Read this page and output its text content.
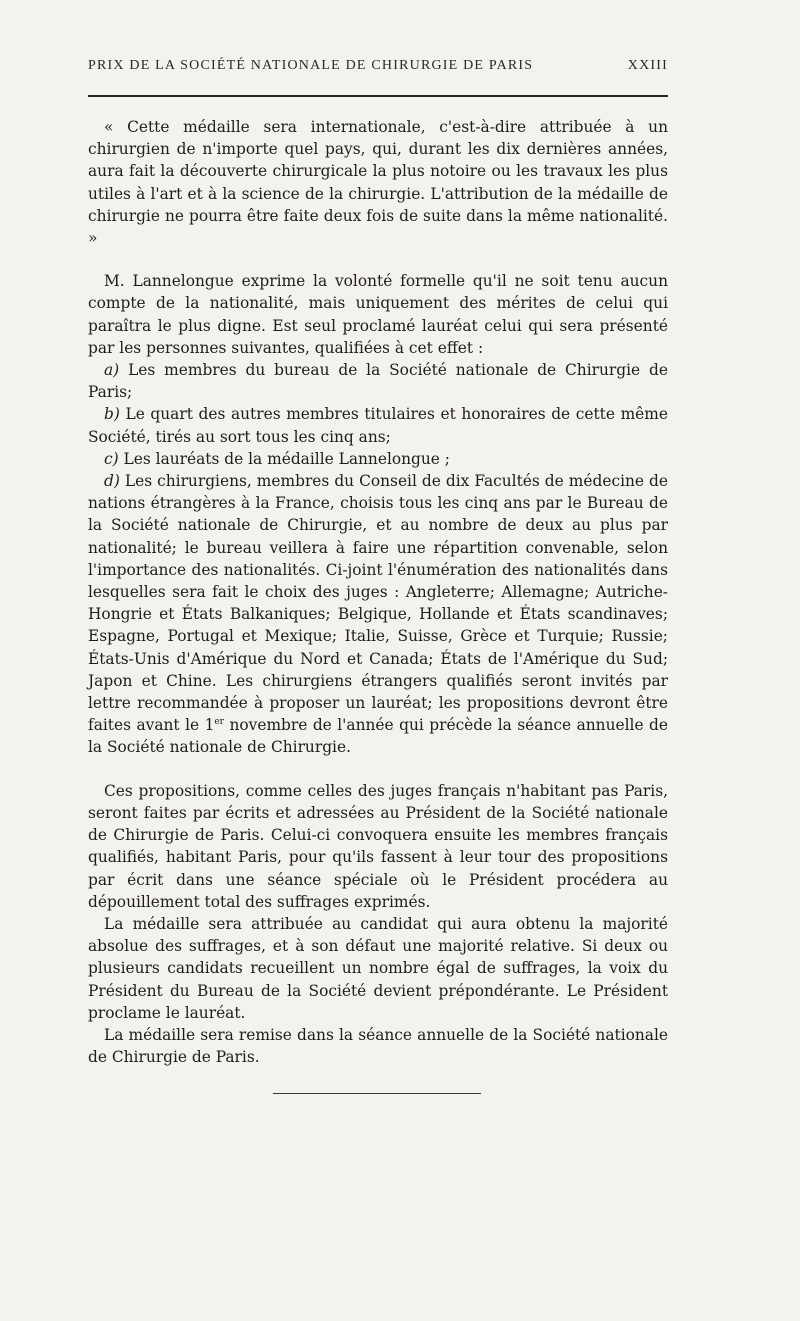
PRIX DE LA SOCIÉTÉ NATIONALE DE CHIRURGIE DE PARIS	XXIII

« Cette médaille sera internationale, c'est-à-dire attribuée à un chirurgien de n'importe quel pays, qui, durant les dix dernières années, aura fait la découverte chirurgicale la plus notoire ou les travaux les plus utiles à l'art et à la science de la chirurgie. L'attribution de la médaille de chirurgie ne pourra être faite deux fois de suite dans la même nationalité. »

M. Lannelongue exprime la volonté formelle qu'il ne soit tenu aucun compte de la nationalité, mais uniquement des mérites de celui qui paraîtra le plus digne. Est seul proclamé lauréat celui qui sera présenté par les personnes suivantes, qualifiées à cet effet :

a) Les membres du bureau de la Société nationale de Chirurgie de Paris;

b) Le quart des autres membres titulaires et honoraires de cette même Société, tirés au sort tous les cinq ans;

c) Les lauréats de la médaille Lannelongue ;

d) Les chirurgiens, membres du Conseil de dix Facultés de médecine de nations étrangères à la France, choisis tous les cinq ans par le Bureau de la Société nationale de Chirurgie, et au nombre de deux au plus par nationalité; le bureau veillera à faire une répartition convenable, selon l'importance des nationalités. Ci-joint l'énumération des nationalités dans lesquelles sera fait le choix des juges : Angleterre; Allemagne; Autriche-Hongrie et États Balkaniques; Belgique, Hollande et États scandinaves; Espagne, Portugal et Mexique; Italie, Suisse, Grèce et Turquie; Russie; États-Unis d'Amérique du Nord et Canada; États de l'Amérique du Sud; Japon et Chine. Les chirurgiens étrangers qualifiés seront invités par lettre recommandée à proposer un lauréat; les propositions devront être faites avant le 1er novembre de l'année qui précède la séance annuelle de la Société nationale de Chirurgie.

Ces propositions, comme celles des juges français n'habitant pas Paris, seront faites par écrits et adressées au Président de la Société nationale de Chirurgie de Paris. Celui-ci convoquera ensuite les membres français qualifiés, habitant Paris, pour qu'ils fassent à leur tour des propositions par écrit dans une séance spéciale où le Président procédera au dépouillement total des suffrages exprimés.

La médaille sera attribuée au candidat qui aura obtenu la majorité absolue des suffrages, et à son défaut une majorité relative. Si deux ou plusieurs candidats recueillent un nombre égal de suffrages, la voix du Président du Bureau de la Société devient prépondérante. Le Président proclame le lauréat.

La médaille sera remise dans la séance annuelle de la Société nationale de Chirurgie de Paris.
